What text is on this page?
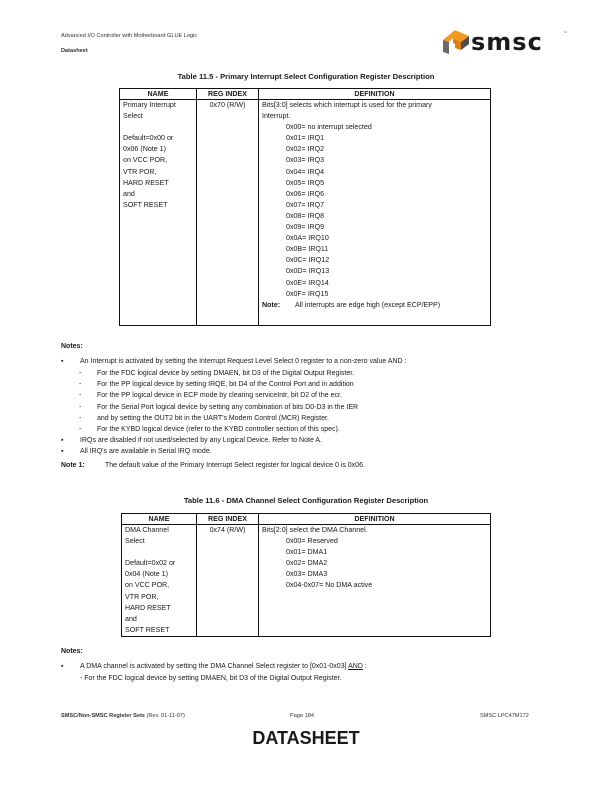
Advanced I/O Controller with Motherboard GLUE Logic
Datasheet	smsc	™
Table 11.5 - Primary Interrupt Select Configuration Register Description
NAME	REG INDEX	DEFINITION

Primary Interrupt
Select

Default=0x00 or
0x06 (Note 1)
on VCC POR,
VTR POR,
HARD RESET
and
SOFT RESET

0x70 (R/W)	Bits[3:0] selects which interrupt is used for the primary
Interrupt.
0x00= no interrupt selected
0x01= IRQ1
0x02= IRQ2
0x03= IRQ3
0x04= IRQ4
0x05= IRQ5
0x06= IRQ6
0x07= IRQ7
0x08= IRQ8
0x09= IRQ9
0x0A= IRQ10
0x0B= IRQ11
0x0C= IRQ12
0x0D= IRQ13
0x0E= IRQ14
0x0F= IRQ15
Note: All interrupts are edge high (except ECP/EPP)
Notes:
▪ An Interrupt is activated by setting the Interrupt Request Level Select 0 register to a non-zero value AND :
- For the FDC logical device by setting DMAEN, bit D3 of the Digital Output Register.
- For the PP logical device by setting IRQE, bit D4 of the Control Port and in addition
- For the PP logical device in ECP mode by clearing serviceIntr, bit D2 of the ecr.
- For the Serial Port logical device by setting any combination of bits D0-D3 in the IER
- and by setting the OUT2 bit in the UART's Modem Control (MCR) Register.
- For the KYBD logical device (refer to the KYBD controller section of this spec).
▪ IRQs are disabled if not used/selected by any Logical Device. Refer to Note A.
▪ All IRQ's are available in Serial IRQ mode.
Note 1:	The default value of the Primary Interrupt Select register for logical device 0 is 0x06.
Table 11.6 - DMA Channel Select Configuration Register Description
NAME	REG INDEX	DEFINITION

DMA Channel
Select

Default=0x02 or
0x04 (Note 1)
on VCC POR,
VTR POR,
HARD RESET
and
SOFT RESET

0x74 (R/W)	Bits[2:0] select the DMA Channel.
0x00= Reserved
0x01= DMA1
0x02= DMA2
0x03= DMA3
0x04-0x07= No DMA active
Notes:
▪ A DMA channel is activated by setting the DMA Channel Select register to [0x01-0x03] AND :
- For the FDC logical device by setting DMAEN, bit D3 of the Digital Output Register.
SMSC/Non-SMSC Register Sets (Rev. 01-11-07)	Page 184	SMSC LPC47M172
DATASHEET
